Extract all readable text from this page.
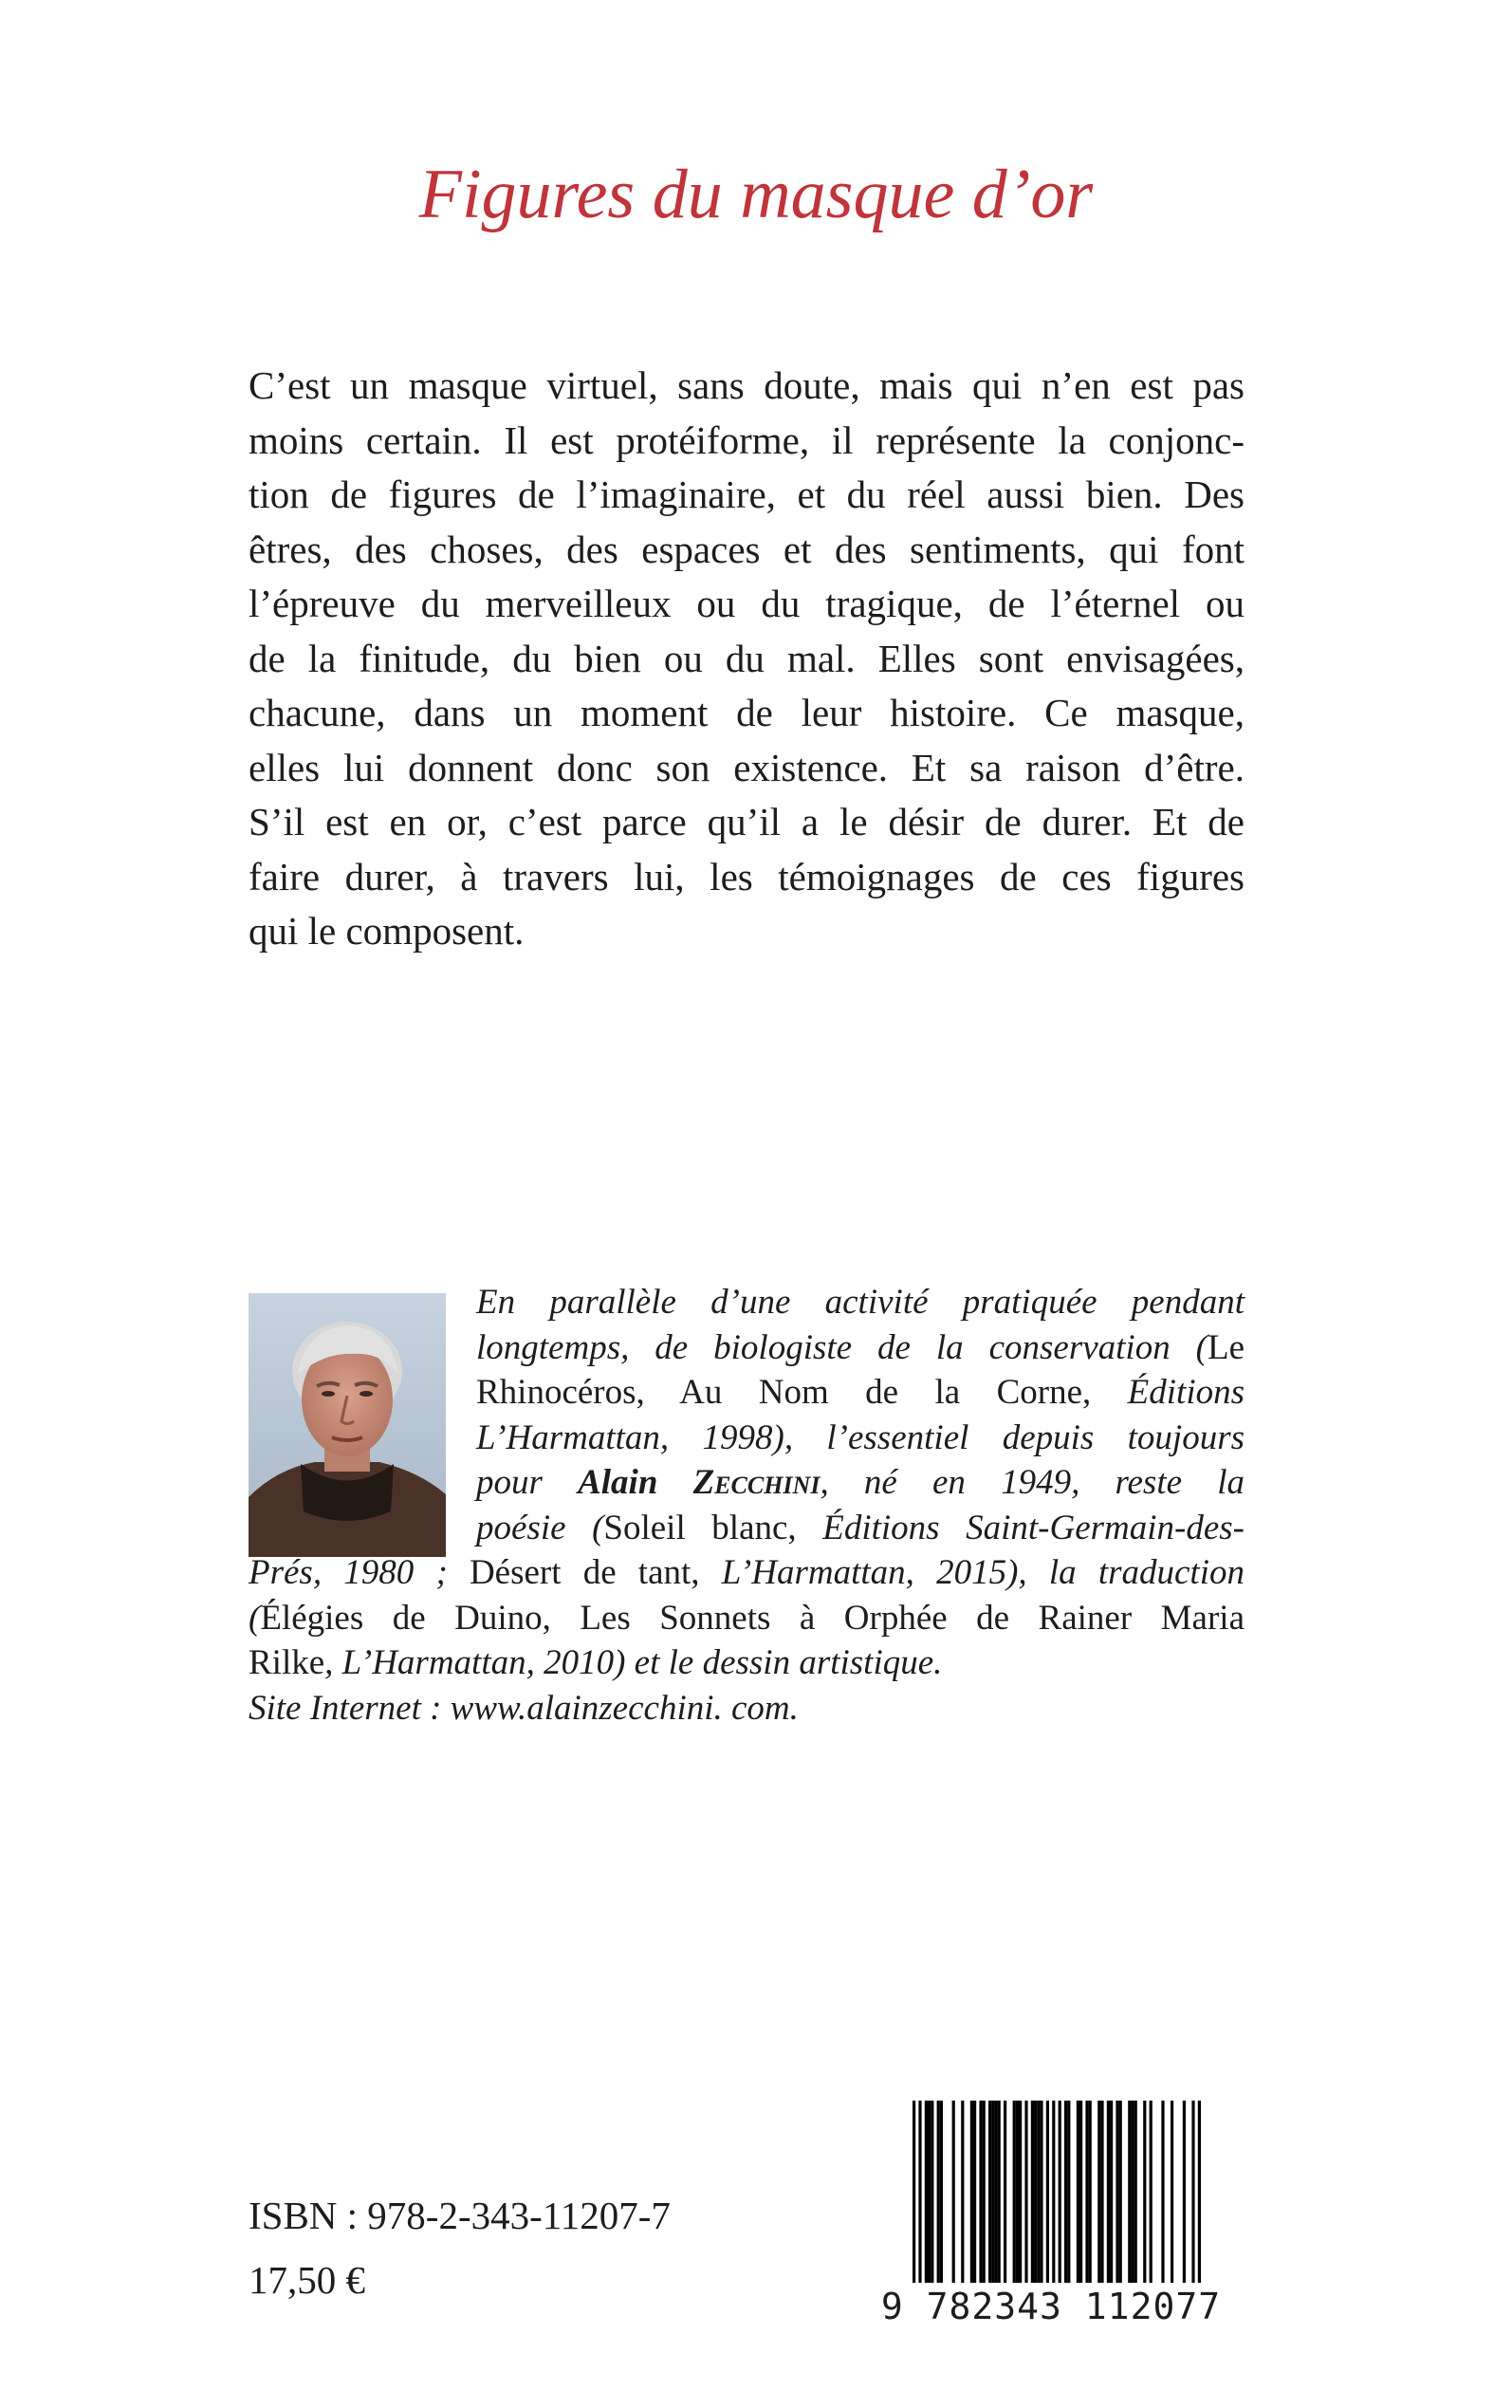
Figures du masque d’or
C’est un masque virtuel, sans doute, mais qui n’en est pas
moins certain. Il est protéiforme, il représente la conjonc-
tion de figures de l’imaginaire, et du réel aussi bien. Des
êtres, des choses, des espaces et des sentiments, qui font
l’épreuve du merveilleux ou du tragique, de l’éternel ou
de la finitude, du bien ou du mal. Elles sont envisagées,
chacune, dans un moment de leur histoire. Ce masque,
elles lui donnent donc son existence. Et sa raison d’être.
S’il est en or, c’est parce qu’il a le désir de durer. Et de
faire durer, à travers lui, les témoignages de ces figures
qui le composent.
En parallèle d’une activité pratiquée pendant
longtemps, de biologiste de la conservation (Le
Rhinocéros, Au Nom de la Corne, Éditions
L’Harmattan, 1998), l’essentiel depuis toujours
pour Alain Zecchini, né en 1949, reste la
poésie (Soleil blanc, Éditions Saint-Germain-des-
Prés, 1980 ; Désert de tant, L’Harmattan, 2015), la traduction
(Élégies de Duino, Les Sonnets à Orphée de Rainer Maria
Rilke, L’Harmattan, 2010) et le dessin artistique.
Site Internet : www.alainzecchini. com.
ISBN : 978-2-343-11207-7
17,50 €
9 782343 112077
